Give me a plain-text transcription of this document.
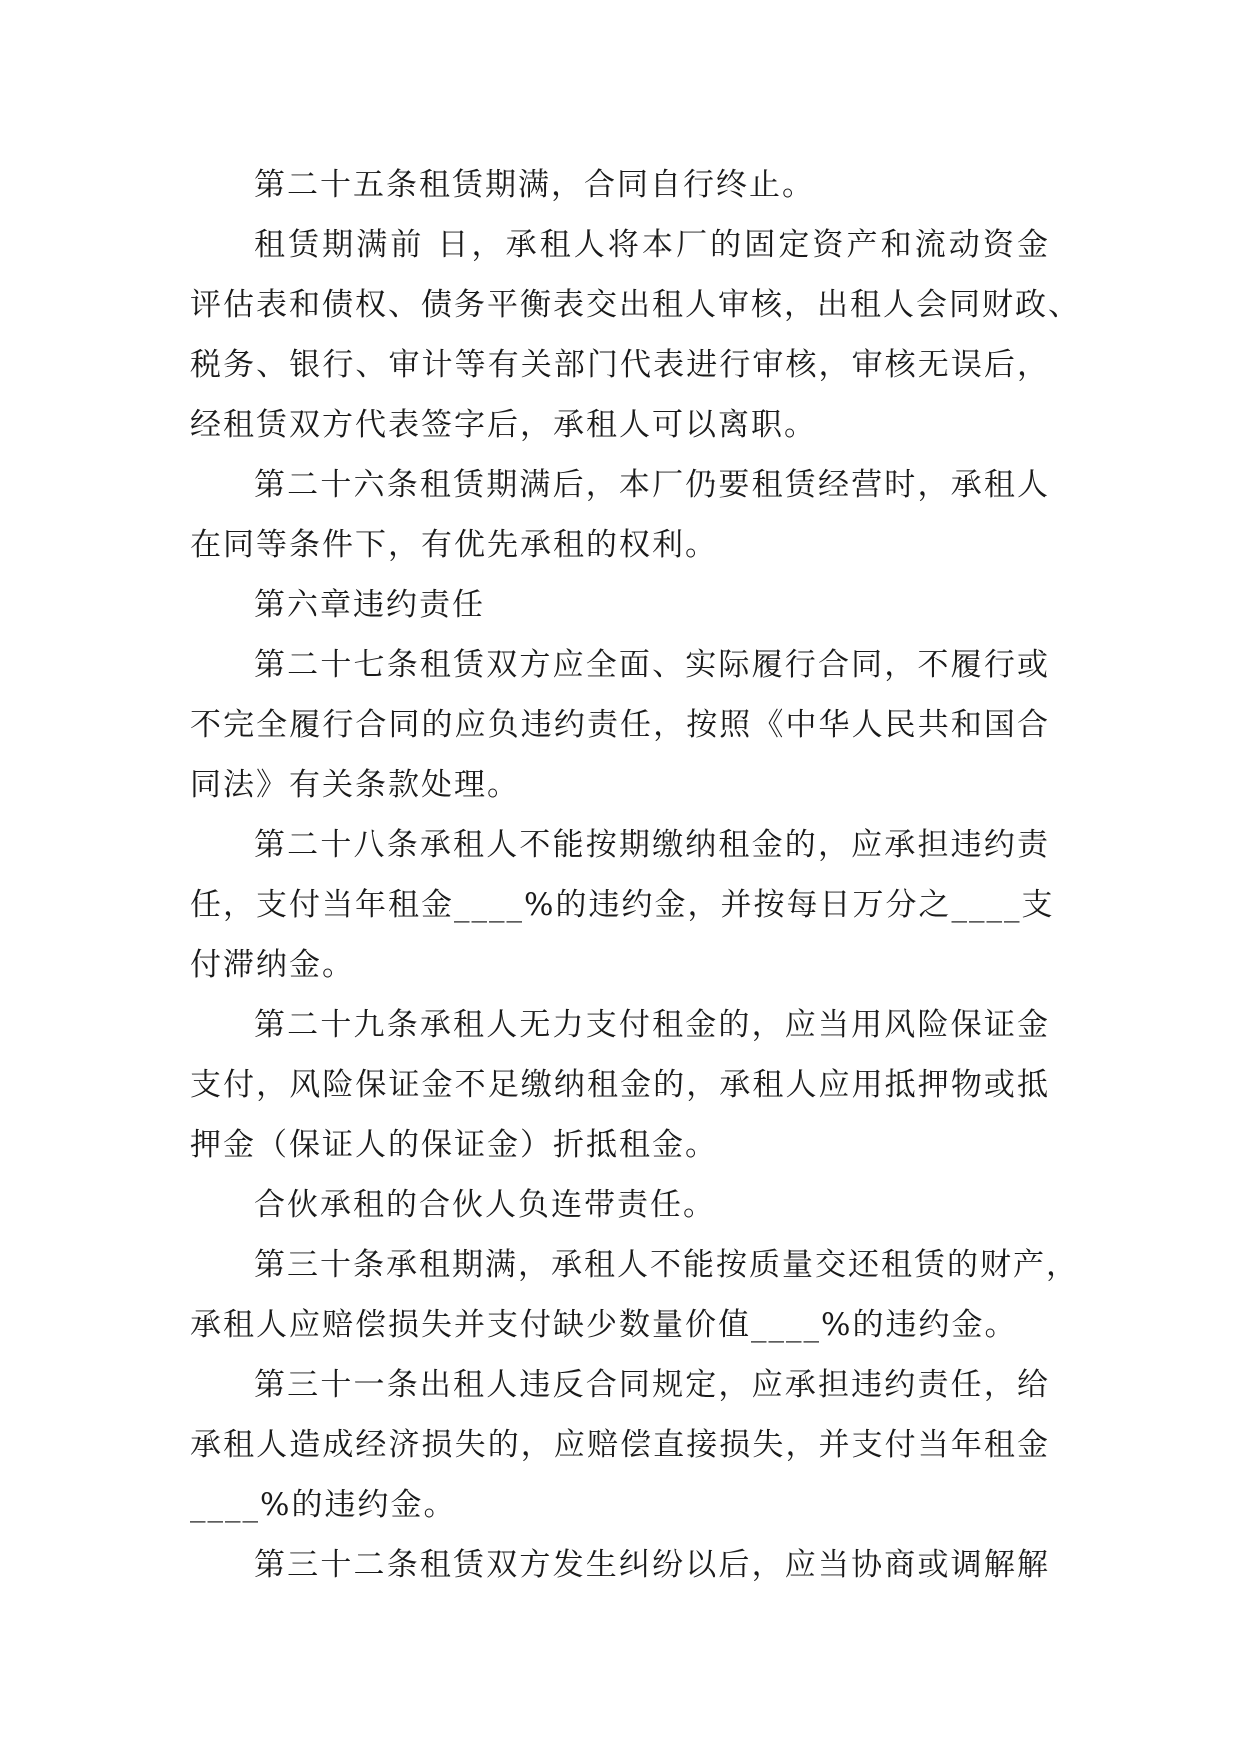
第二十五条租赁期满，合同自行终止。

租赁期满前 日，承租人将本厂的固定资产和流动资金
评估表和债权、债务平衡表交出租人审核，出租人会同财政、
税务、银行、审计等有关部门代表进行审核，审核无误后，
经租赁双方代表签字后，承租人可以离职。

第二十六条租赁期满后，本厂仍要租赁经营时，承租人
在同等条件下，有优先承租的权利。

第六章违约责任

第二十七条租赁双方应全面、实际履行合同，不履行或
不完全履行合同的应负违约责任，按照《中华人民共和国合
同法》有关条款处理。

第二十八条承租人不能按期缴纳租金的，应承担违约责
任，支付当年租金____%的违约金，并按每日万分之____支
付滞纳金。

第二十九条承租人无力支付租金的，应当用风险保证金
支付，风险保证金不足缴纳租金的，承租人应用抵押物或抵
押金（保证人的保证金）折抵租金。

合伙承租的合伙人负连带责任。

第三十条承租期满，承租人不能按质量交还租赁的财产，
承租人应赔偿损失并支付缺少数量价值____%的违约金。

第三十一条出租人违反合同规定，应承担违约责任，给
承租人造成经济损失的，应赔偿直接损失，并支付当年租金
____%的违约金。

第三十二条租赁双方发生纠纷以后，应当协商或调解解
